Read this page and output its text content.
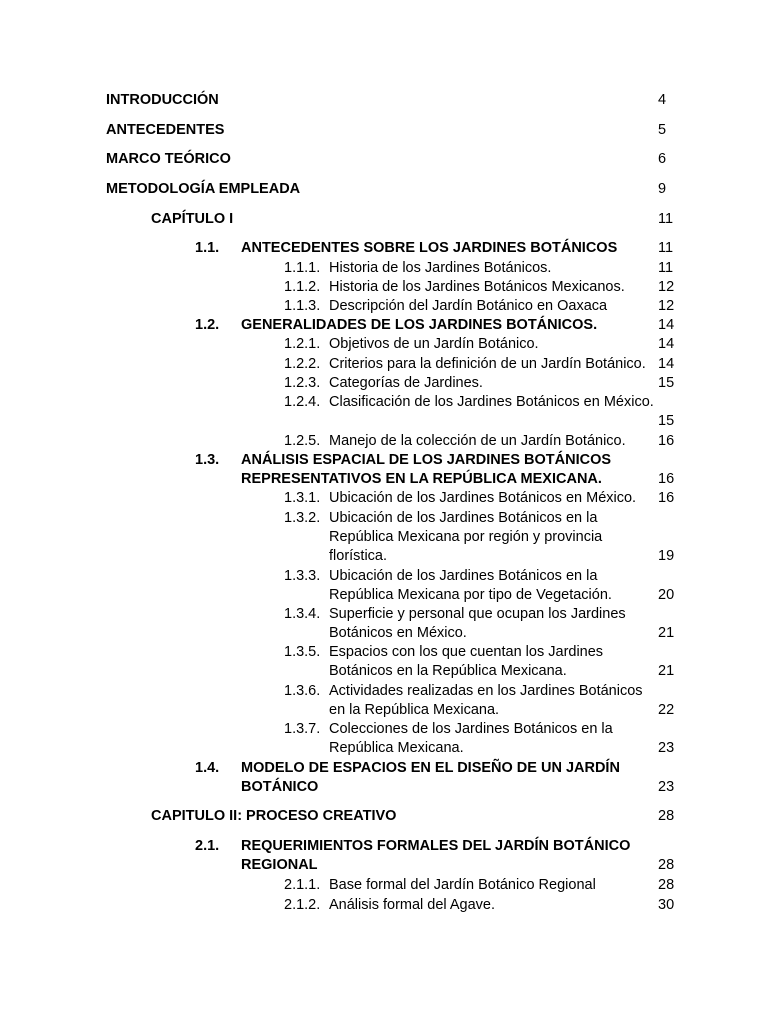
INTRODUCCIÓN	4
ANTECEDENTES	5
MARCO TEÓRICO	6
METODOLOGÍA EMPLEADA	9
CAPÍTULO I	11
1.1.	ANTECEDENTES SOBRE LOS JARDINES BOTÁNICOS	11
1.1.1. Historia de los Jardines Botánicos.	11
1.1.2. Historia de los Jardines Botánicos Mexicanos.	12
1.1.3. Descripción del Jardín Botánico en Oaxaca	12
1.2.	GENERALIDADES DE LOS JARDINES BOTÁNICOS.	14
1.2.1. Objetivos de un Jardín Botánico.	14
1.2.2. Criterios para la definición de un Jardín Botánico. 14
1.2.3. Categorías de Jardines.	15
1.2.4. Clasificación de los Jardines Botánicos en México.
15
1.2.5. Manejo de la colección de un Jardín Botánico.	16
1.3.	ANÁLISIS ESPACIAL DE LOS JARDINES BOTÁNICOS REPRESENTATIVOS EN LA REPÚBLICA MEXICANA.	16
1.3.1. Ubicación de los Jardines Botánicos en México.	16
1.3.2. Ubicación de los Jardines Botánicos en la República Mexicana por región y provincia florística.	19
1.3.3. Ubicación de los Jardines Botánicos en la República Mexicana por tipo de Vegetación.	20
1.3.4. Superficie y personal que ocupan los Jardines Botánicos en México.	21
1.3.5. Espacios con los que cuentan los Jardines Botánicos en la República Mexicana.	21
1.3.6. Actividades realizadas en los Jardines Botánicos en la República Mexicana.	22
1.3.7. Colecciones de los Jardines Botánicos en la República Mexicana.	23
1.4.	MODELO DE ESPACIOS EN EL DISEÑO DE UN JARDÍN BOTÁNICO	23
CAPITULO II: PROCESO CREATIVO	28
2.1.	REQUERIMIENTOS FORMALES DEL JARDÍN BOTÁNICO REGIONAL	28
2.1.1. Base formal del Jardín Botánico Regional	28
2.1.2. Análisis formal del Agave.	30
